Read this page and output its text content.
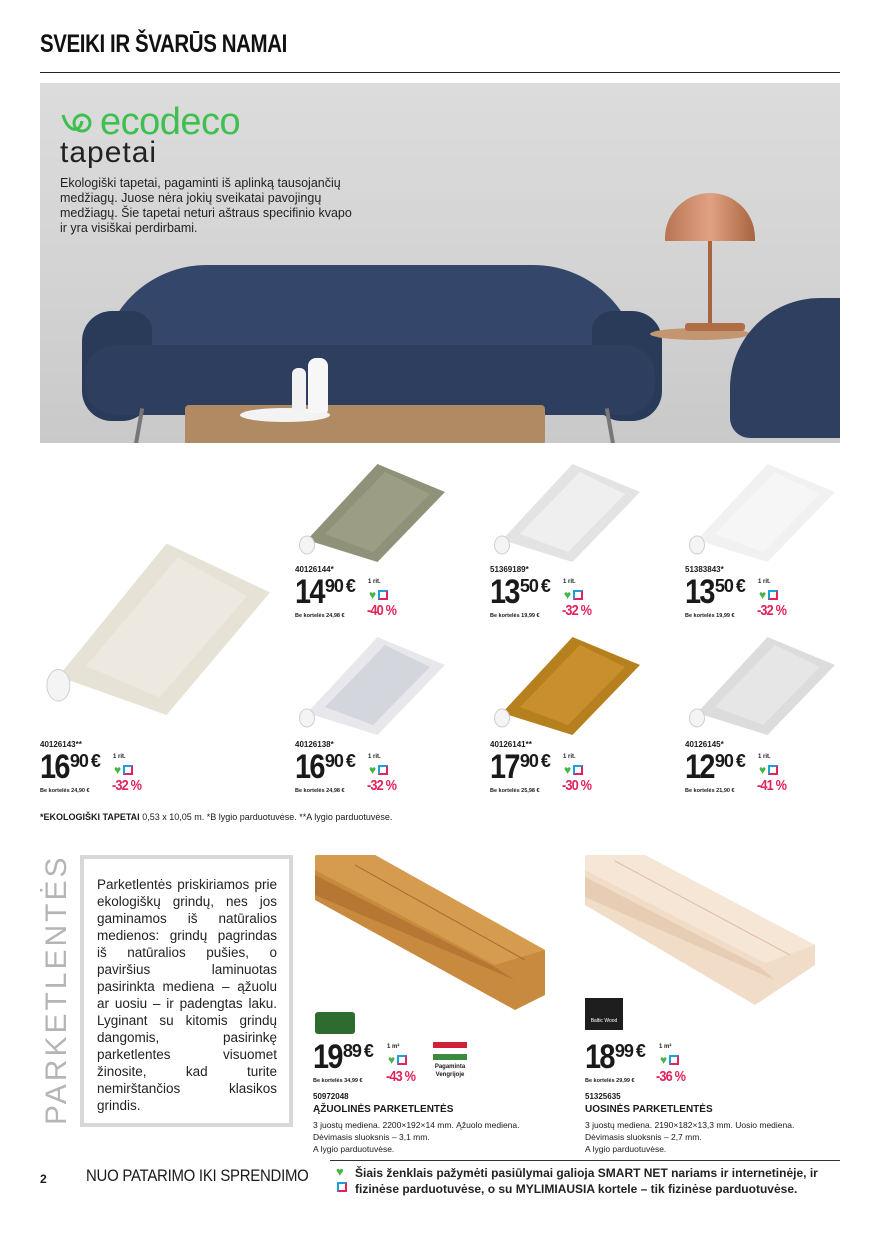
SVEIKI IR ŠVARŪS NAMAI
ecodeco
tapetai
Ekologiški tapetai, pagaminti iš aplinką tausojančių medžiagų. Juose nėra jokių sveikatai pavojingų medžiagų. Šie tapetai neturi aštraus specifinio kvapo ir yra visiškai perdirbami.
40126144*
14 90 € 1 rit.
♥
-40 %
Be kortelės 24,98 €
51369189*
13 50 € 1 rit.
♥
-32 %
Be kortelės 19,99 €
51383843*
13 50 € 1 rit.
♥
-32 %
Be kortelės 19,99 €
40126143**
16 90 € 1 rit.
♥
-32 %
Be kortelės 24,90 €
40126138*
16 90 € 1 rit.
♥
-32 %
Be kortelės 24,98 €
40126141**
17 90 € 1 rit.
♥
-30 %
Be kortelės 25,98 €
40126145*
12 90 € 1 rit.
♥
-41 %
Be kortelės 21,90 €
*EKOLOGIŠKI TAPETAI 0,53 x 10,05 m. *B lygio parduotuvėse. **A lygio parduotuvėse.
PARKETLENTĖS Parketlentės priskiriamos prie ekologiškų grindų, nes jos gaminamos iš natūralios medienos: grindų pagrindas iš natūralios pušies, o paviršius laminuotas pasirinkta mediena – ąžuolu ar uosiu – ir padengtas laku. Lyginant su kitomis grindų dangomis, pasirinkę parketlentes visuomet žinosite, kad turite nemirštančios klasikos grindis.
Baltic Wood
19 89 € 1 m²
♥
-43 %
Be kortelės 34,99 €
Pagaminta Vengrijoje
50972048
ĄŽUOLINĖS PARKETLENTĖS
3 juostų mediena. 2200×192×14 mm. Ąžuolo mediena.
Dėvimasis sluoksnis – 3,1 mm.
A lygio parduotuvėse.
18 99 € 1 m²
♥
-36 %
Be kortelės 29,99 €
51325635
UOSINĖS PARKETLENTĖS
3 juostų mediena. 2190×182×13,3 mm. Uosio mediena.
Dėvimasis sluoksnis – 2,7 mm.
A lygio parduotuvėse.
2 NUO PATARIMO IKI SPRENDIMO ♥ Šiais ženklais pažymėti pasiūlymai galioja SMART NET nariams ir internetinėje, ir fizinėse parduotuvėse, o su MYLIMIAUSIA kortele – tik fizinėse parduotuvėse.
